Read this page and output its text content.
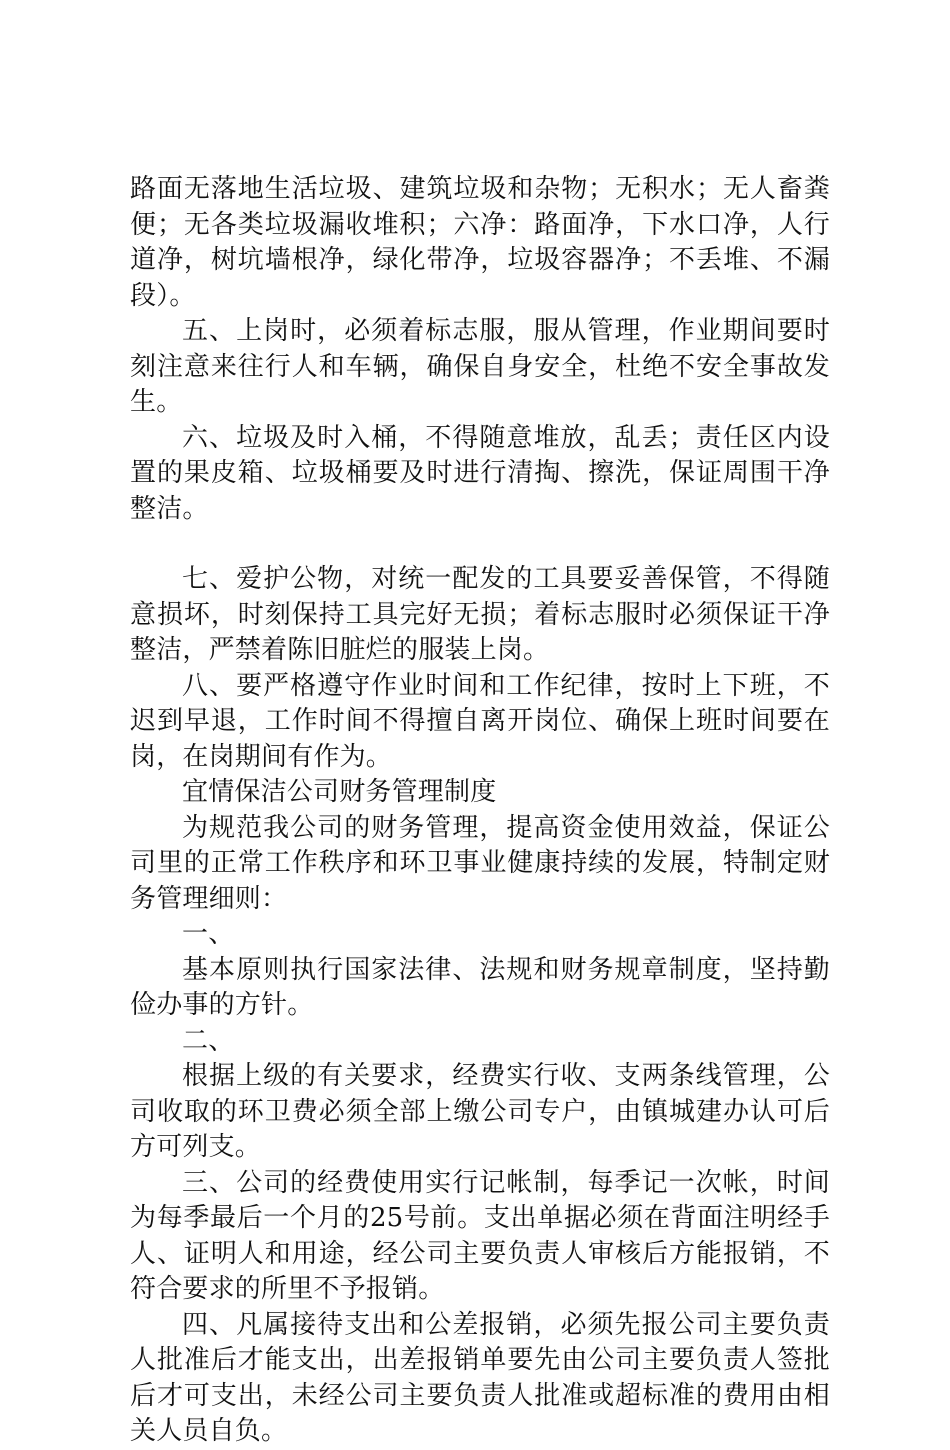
路面无落地生活垃圾、建筑垃圾和杂物；无积水；无人畜粪便；无各类垃圾漏收堆积；六净：路面净，下水口净，人行道净，树坑墙根净，绿化带净，垃圾容器净；不丢堆、不漏段）。

五、上岗时，必须着标志服，服从管理，作业期间要时刻注意来往行人和车辆，确保自身安全，杜绝不安全事故发生。

六、垃圾及时入桶，不得随意堆放，乱丢；责任区内设置的果皮箱、垃圾桶要及时进行清掏、擦洗，保证周围干净整洁。

七、爱护公物，对统一配发的工具要妥善保管，不得随意损坏，时刻保持工具完好无损；着标志服时必须保证干净整洁，严禁着陈旧脏烂的服装上岗。

八、要严格遵守作业时间和工作纪律，按时上下班，不迟到早退，工作时间不得擅自离开岗位、确保上班时间要在岗，在岗期间有作为。

宜情保洁公司财务管理制度

为规范我公司的财务管理，提高资金使用效益，保证公司里的正常工作秩序和环卫事业健康持续的发展，特制定财务管理细则：

一、

基本原则执行国家法律、法规和财务规章制度，坚持勤俭办事的方针。

二、

根据上级的有关要求，经费实行收、支两条线管理，公司收取的环卫费必须全部上缴公司专户，由镇城建办认可后方可列支。

三、公司的经费使用实行记帐制，每季记一次帐，时间为每季最后一个月的25号前。支出单据必须在背面注明经手人、证明人和用途，经公司主要负责人审核后方能报销，不符合要求的所里不予报销。

四、凡属接待支出和公差报销，必须先报公司主要负责人批准后才能支出，出差报销单要先由公司主要负责人签批后才可支出，未经公司主要负责人批准或超标准的费用由相关人员自负。
